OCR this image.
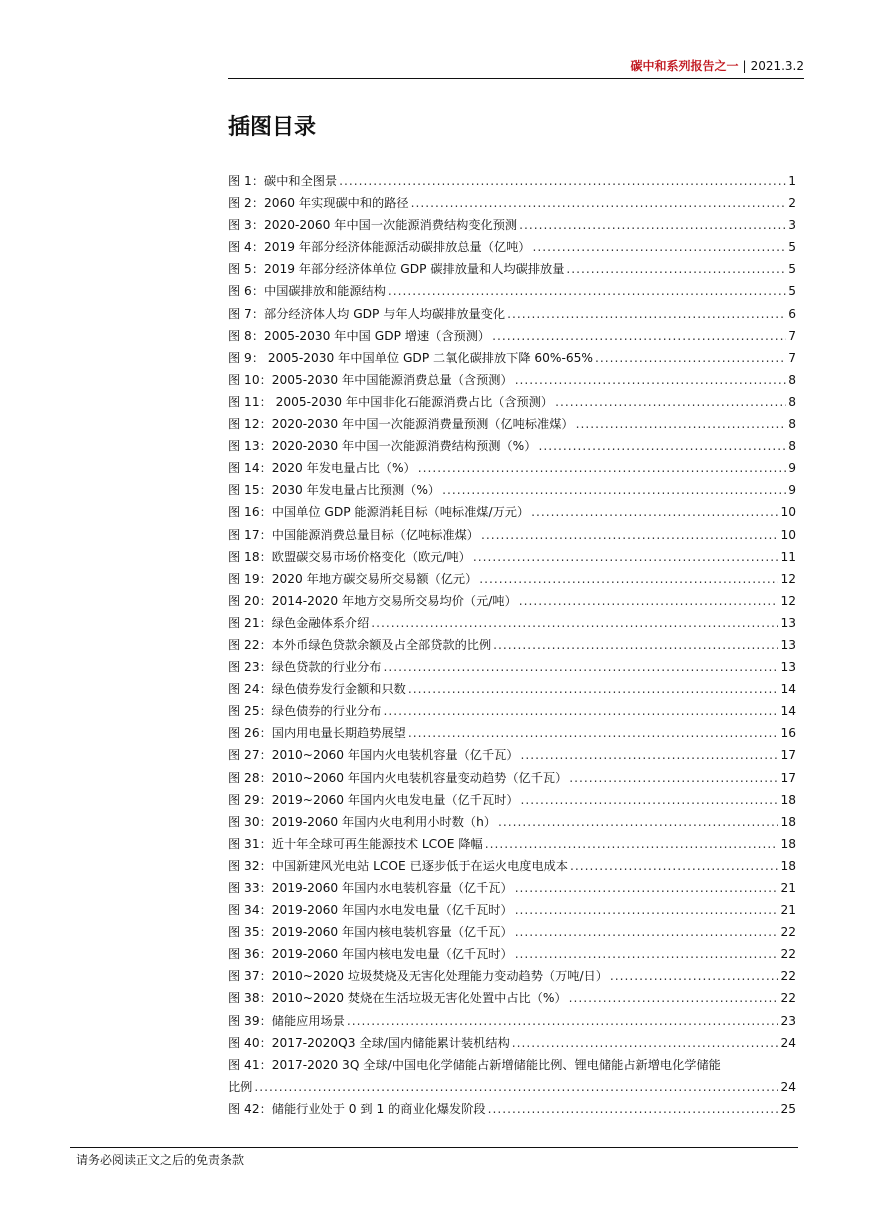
碳中和系列报告之一 | 2021.3.2
插图目录
图 1：碳中和全图景 .....	1
图 2：2060 年实现碳中和的路径 .....	2
图 3：2020-2060 年中国一次能源消费结构变化预测 .....	3
图 4：2019 年部分经济体能源活动碳排放总量（亿吨） .....	5
图 5：2019 年部分经济体单位 GDP 碳排放量和人均碳排放量 .....	5
图 6：中国碳排放和能源结构 .....	5
图 7：部分经济体人均 GDP 与年人均碳排放量变化 .....	6
图 8：2005-2030 年中国 GDP 增速（含预测） .....	7
图 9： 2005-2030 年中国单位 GDP 二氧化碳排放下降 60%-65% .....	7
图 10：2005-2030 年中国能源消费总量（含预测） .....	8
图 11： 2005-2030 年中国非化石能源消费占比（含预测） .....	8
图 12：2020-2030 年中国一次能源消费量预测（亿吨标准煤） .....	8
图 13：2020-2030 年中国一次能源消费结构预测（%） .....	8
图 14：2020 年发电量占比（%） .....	9
图 15：2030 年发电量占比预测（%） .....	9
图 16：中国单位 GDP 能源消耗目标（吨标准煤/万元） .....	10
图 17：中国能源消费总量目标（亿吨标准煤） .....	10
图 18：欧盟碳交易市场价格变化（欧元/吨） .....	11
图 19：2020 年地方碳交易所交易额（亿元） .....	12
图 20：2014-2020 年地方交易所交易均价（元/吨） .....	12
图 21：绿色金融体系介绍 .....	13
图 22：本外币绿色贷款余额及占全部贷款的比例 .....	13
图 23：绿色贷款的行业分布 .....	13
图 24：绿色债券发行金额和只数 .....	14
图 25：绿色债券的行业分布 .....	14
图 26：国内用电量长期趋势展望 .....	16
图 27：2010~2060 年国内火电装机容量（亿千瓦） .....	17
图 28：2010~2060 年国内火电装机容量变动趋势（亿千瓦） .....	17
图 29：2019~2060 年国内火电发电量（亿千瓦时） .....	18
图 30：2019-2060 年国内火电利用小时数（h） .....	18
图 31：近十年全球可再生能源技术 LCOE 降幅 .....	18
图 32：中国新建风光电站 LCOE 已逐步低于在运火电度电成本 .....	18
图 33：2019-2060 年国内水电装机容量（亿千瓦） .....	21
图 34：2019-2060 年国内水电发电量（亿千瓦时） .....	21
图 35：2019-2060 年国内核电装机容量（亿千瓦） .....	22
图 36：2019-2060 年国内核电发电量（亿千瓦时） .....	22
图 37：2010~2020 垃圾焚烧及无害化处理能力变动趋势（万吨/日） .....	22
图 38：2010~2020 焚烧在生活垃圾无害化处置中占比（%） .....	22
图 39：储能应用场景 .....	23
图 40：2017-2020Q3 全球/国内储能累计装机结构 .....	24
图 41：2017-2020 3Q 全球/中国电化学储能占新增储能比例、锂电储能占新增电化学储能
比例 .....	24
图 42：储能行业处于 0 到 1 的商业化爆发阶段 .....	25
请务必阅读正文之后的免责条款
